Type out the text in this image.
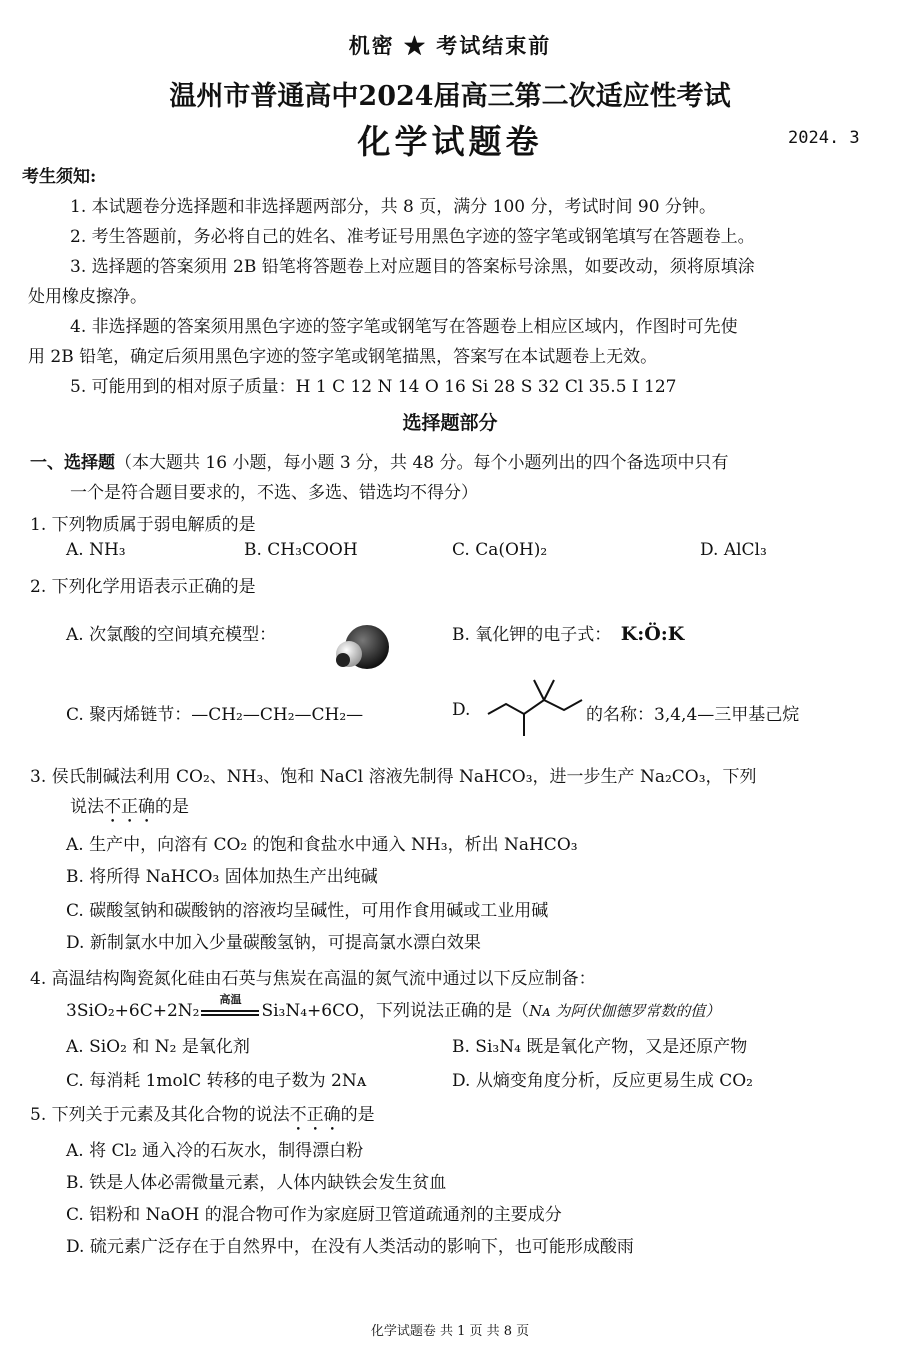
机密 ★ 考试结束前
温州市普通高中2024届高三第二次适应性考试
化学试题卷	2024. 3
考生须知:
1. 本试题卷分选择题和非选择题两部分，共 8 页，满分 100 分，考试时间 90 分钟。
2. 考生答题前，务必将自己的姓名、准考证号用黑色字迹的签字笔或钢笔填写在答题卷上。
3. 选择题的答案须用 2B 铅笔将答题卷上对应题目的答案标号涂黑，如要改动，须将原填涂
处用橡皮擦净。
4. 非选择题的答案须用黑色字迹的签字笔或钢笔写在答题卷上相应区域内，作图时可先使
用 2B 铅笔，确定后须用黑色字迹的签字笔或钢笔描黑，答案写在本试题卷上无效。
5. 可能用到的相对原子质量：H 1 C 12 N 14 O 16 Si 28 S 32 Cl 35.5 I 127
选择题部分
一、选择题（本大题共 16 小题，每小题 3 分，共 48 分。每个小题列出的四个备选项中只有
一个是符合题目要求的，不选、多选、错选均不得分）
1. 下列物质属于弱电解质的是
A. NH₃	B. CH₃COOH	C. Ca(OH)₂	D. AlCl₃
2. 下列化学用语表示正确的是
A. 次氯酸的空间填充模型：	B. 氧化钾的电子式： K:Ö:K
C. 聚丙烯链节：—CH₂—CH₂—CH₂—	D.	的名称：3,4,4—三甲基己烷
3. 侯氏制碱法利用 CO₂、NH₃、饱和 NaCl 溶液先制得 NaHCO₃，进一步生产 Na₂CO₃，下列
说法不正确的是
A. 生产中，向溶有 CO₂ 的饱和食盐水中通入 NH₃，析出 NaHCO₃
B. 将所得 NaHCO₃ 固体加热生产出纯碱
C. 碳酸氢钠和碳酸钠的溶液均呈碱性，可用作食用碱或工业用碱
D. 新制氯水中加入少量碳酸氢钠，可提高氯水漂白效果
4. 高温结构陶瓷氮化硅由石英与焦炭在高温的氮气流中通过以下反应制备：
3SiO₂+6C+2N₂
高温
Si₃N₄+6CO，下列说法正确的是（Nᴀ 为阿伏伽德罗常数的值）
A. SiO₂ 和 N₂ 是氧化剂	B. Si₃N₄ 既是氧化产物，又是还原产物
C. 每消耗 1molC 转移的电子数为 2Nᴀ	D. 从熵变角度分析，反应更易生成 CO₂
5. 下列关于元素及其化合物的说法不正确的是
A. 将 Cl₂ 通入冷的石灰水，制得漂白粉
B. 铁是人体必需微量元素，人体内缺铁会发生贫血
C. 铝粉和 NaOH 的混合物可作为家庭厨卫管道疏通剂的主要成分
D. 硫元素广泛存在于自然界中，在没有人类活动的影响下，也可能形成酸雨
化学试题卷 共 1 页 共 8 页
